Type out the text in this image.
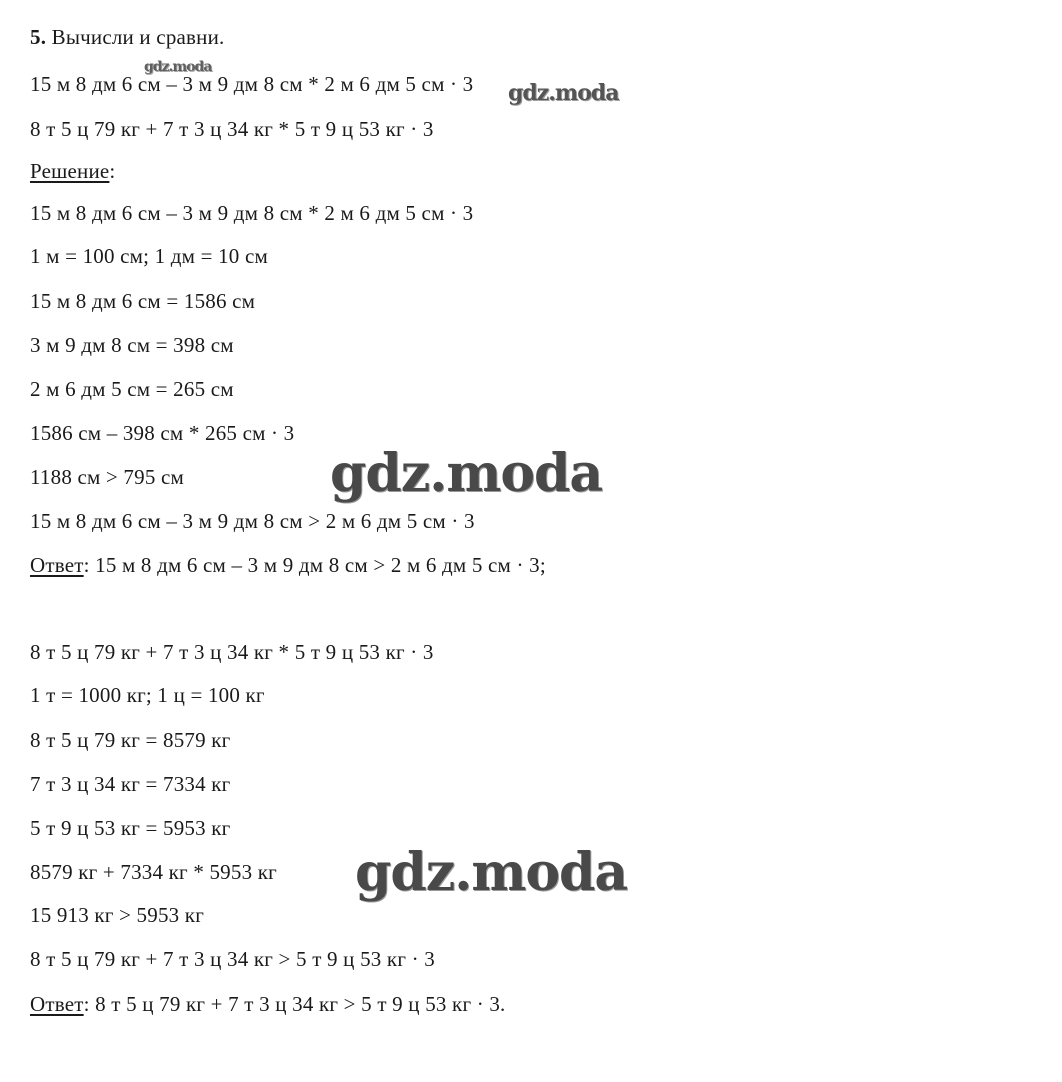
5. Вычисли и сравни.
15 м 8 дм 6 см – 3 м 9 дм 8 см * 2 м 6 дм 5 см · 3
8 т 5 ц 79 кг + 7 т 3 ц 34 кг * 5 т 9 ц 53 кг · 3
Решение:
15 м 8 дм 6 см – 3 м 9 дм 8 см * 2 м 6 дм 5 см · 3
1 м = 100 см; 1 дм = 10 см
15 м 8 дм 6 см = 1586 см
3 м 9 дм 8 см = 398 см
2 м 6 дм 5 см = 265 см
1586 см – 398 см * 265 см · 3
1188 см > 795 см
15 м 8 дм 6 см – 3 м 9 дм 8 см > 2 м 6 дм 5 см · 3
Ответ: 15 м 8 дм 6 см – 3 м 9 дм 8 см > 2 м 6 дм 5 см · 3;
8 т 5 ц 79 кг + 7 т 3 ц 34 кг * 5 т 9 ц 53 кг · 3
1 т = 1000 кг; 1 ц = 100 кг
8 т 5 ц 79 кг = 8579 кг
7 т 3 ц 34 кг = 7334 кг
5 т 9 ц 53 кг = 5953 кг
8579 кг + 7334 кг * 5953 кг
15 913 кг > 5953 кг
8 т 5 ц 79 кг + 7 т 3 ц 34 кг > 5 т 9 ц 53 кг · 3
Ответ: 8 т 5 ц 79 кг + 7 т 3 ц 34 кг > 5 т 9 ц 53 кг · 3.
gdz.moda
gdz.moda
gdz.moda
gdz.moda
